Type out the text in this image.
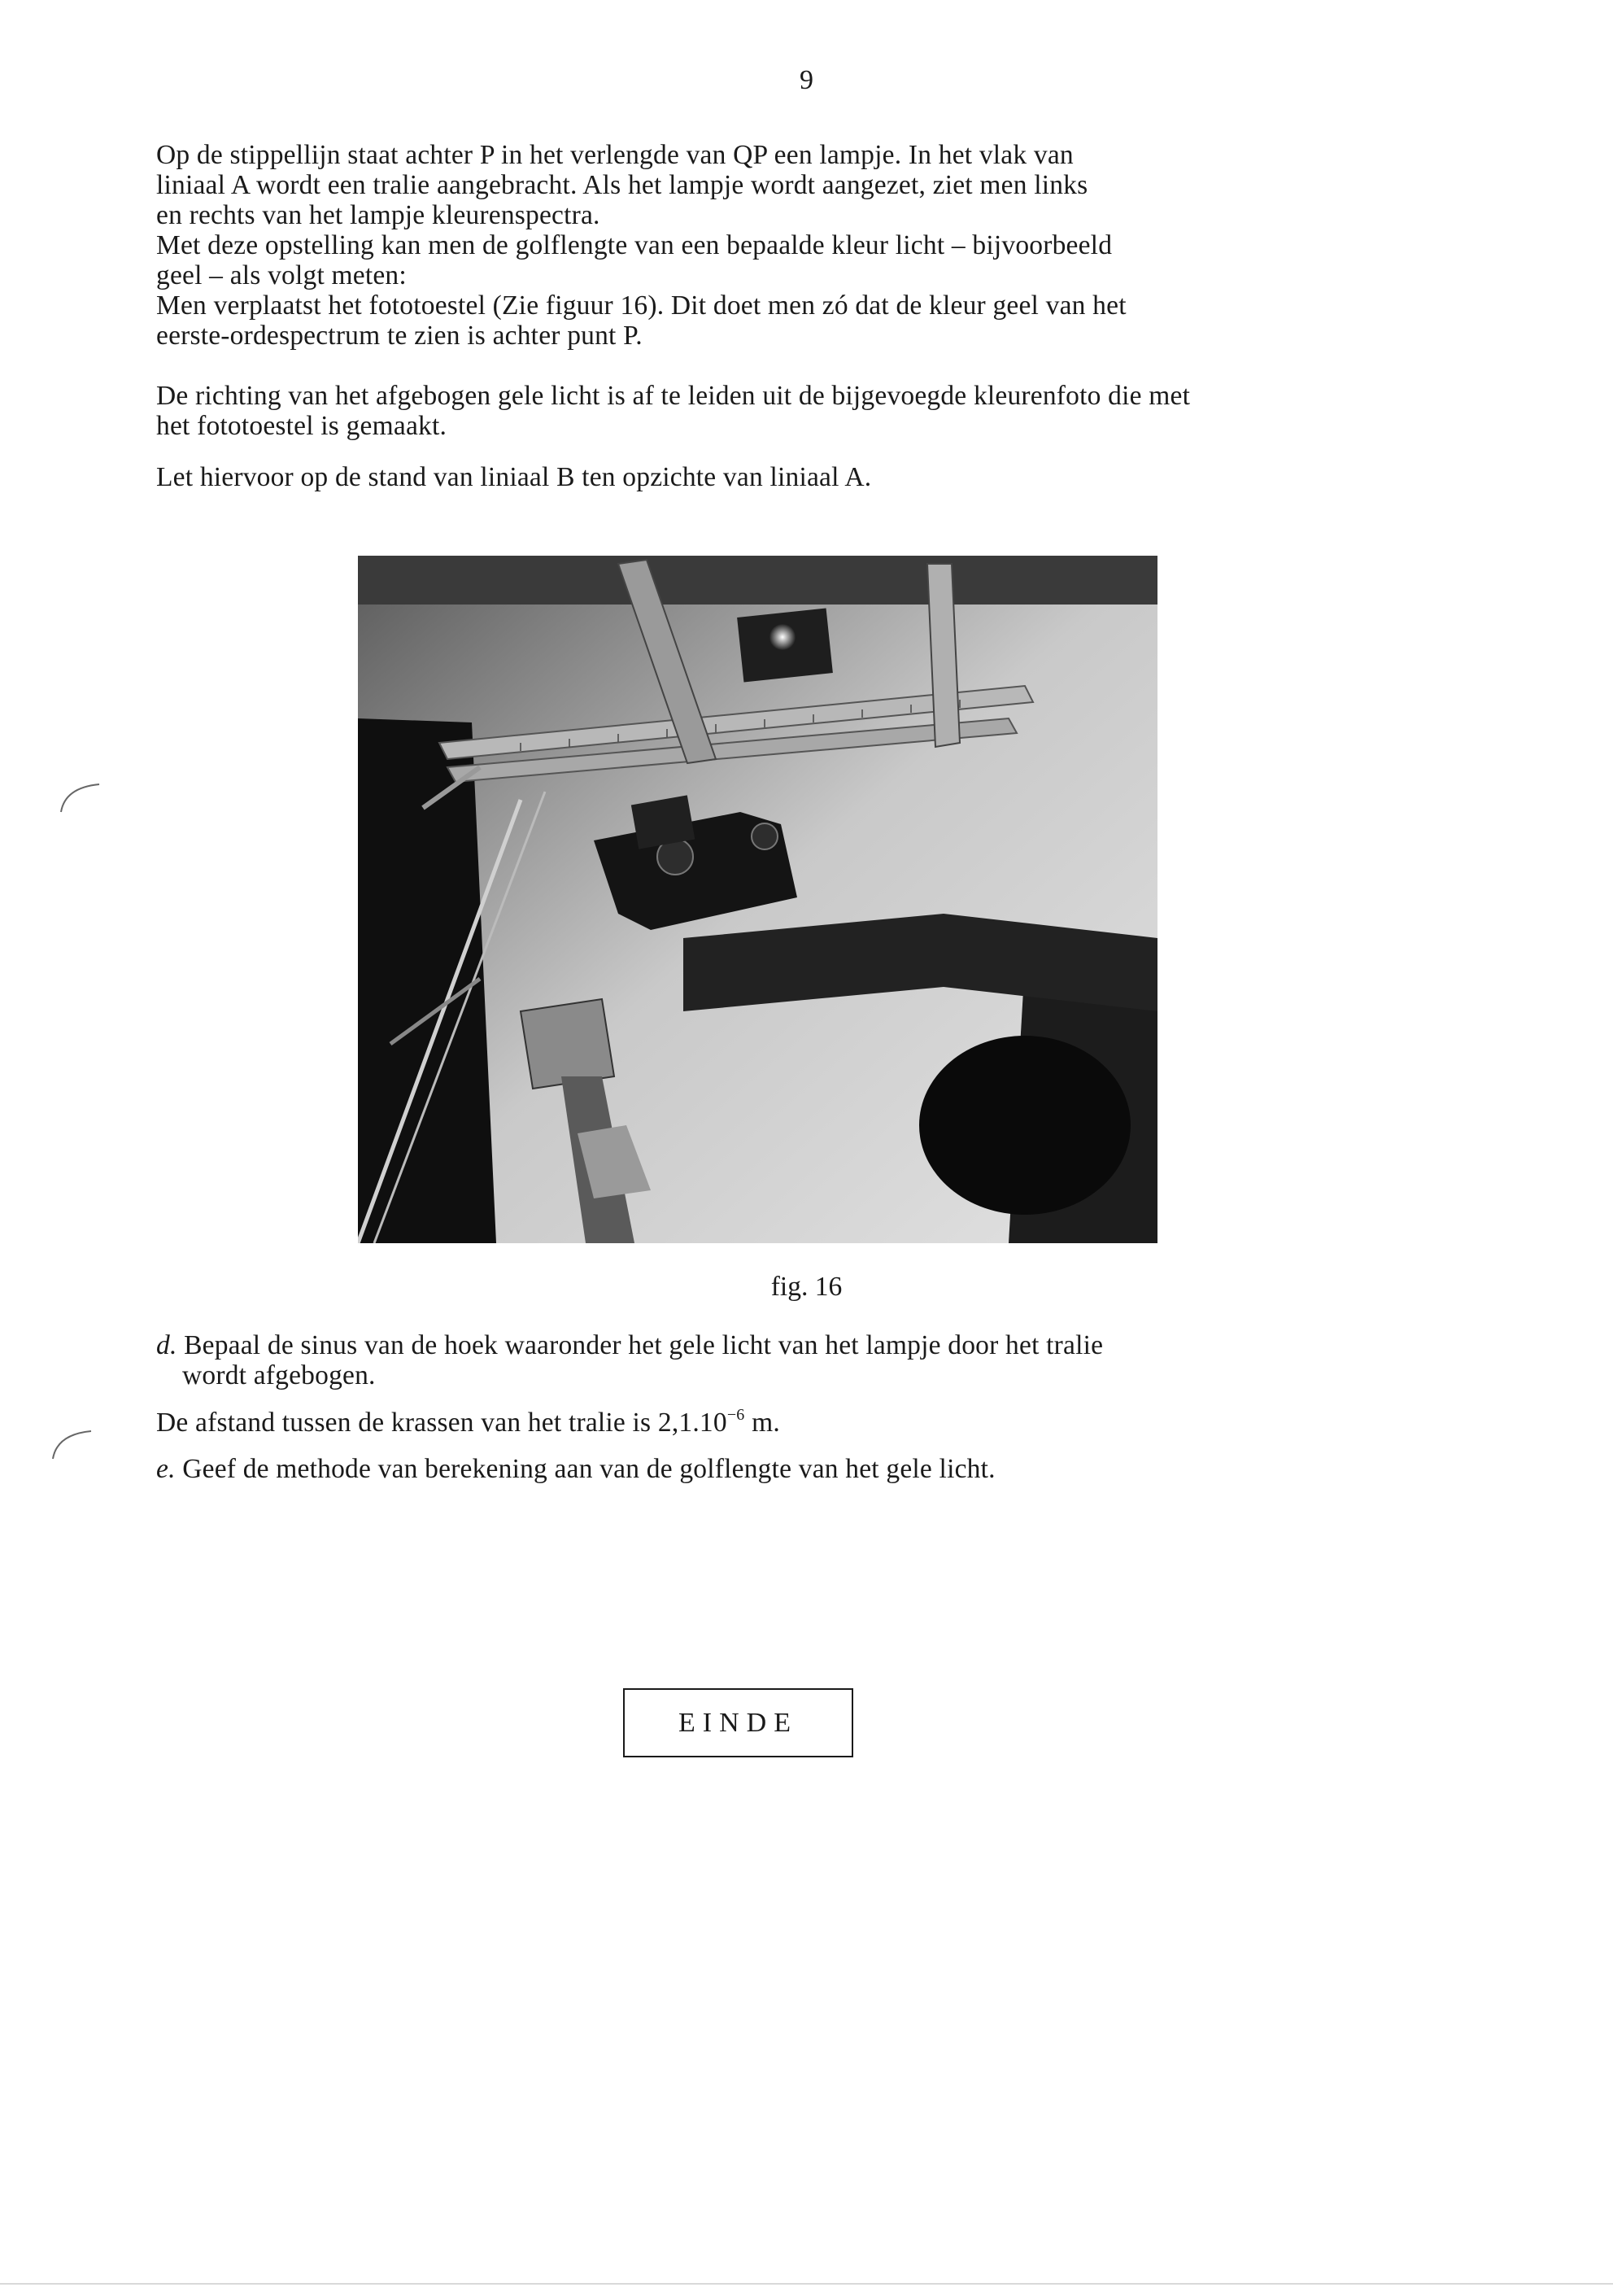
9
Op de stippellijn staat achter P in het verlengde van QP een lampje. In het vlak van
liniaal A wordt een tralie aangebracht. Als het lampje wordt aangezet, ziet men links
en rechts van het lampje kleurenspectra.
Met deze opstelling kan men de golflengte van een bepaalde kleur licht – bijvoorbeeld
geel – als volgt meten:
Men verplaatst het fototoestel (Zie figuur 16). Dit doet men zó dat de kleur geel van het
eerste-ordespectrum te zien is achter punt P.
De richting van het afgebogen gele licht is af te leiden uit de bijgevoegde kleurenfoto die met
het fototoestel is gemaakt.
Let hiervoor op de stand van liniaal B ten opzichte van liniaal A.
fig. 16
d. Bepaal de sinus van de hoek waaronder het gele licht van het lampje door het tralie
wordt afgebogen.
De afstand tussen de krassen van het tralie is $2,1.10^{-6}$ m.
e. Geef de methode van berekening aan van de golflengte van het gele licht.
EINDE
